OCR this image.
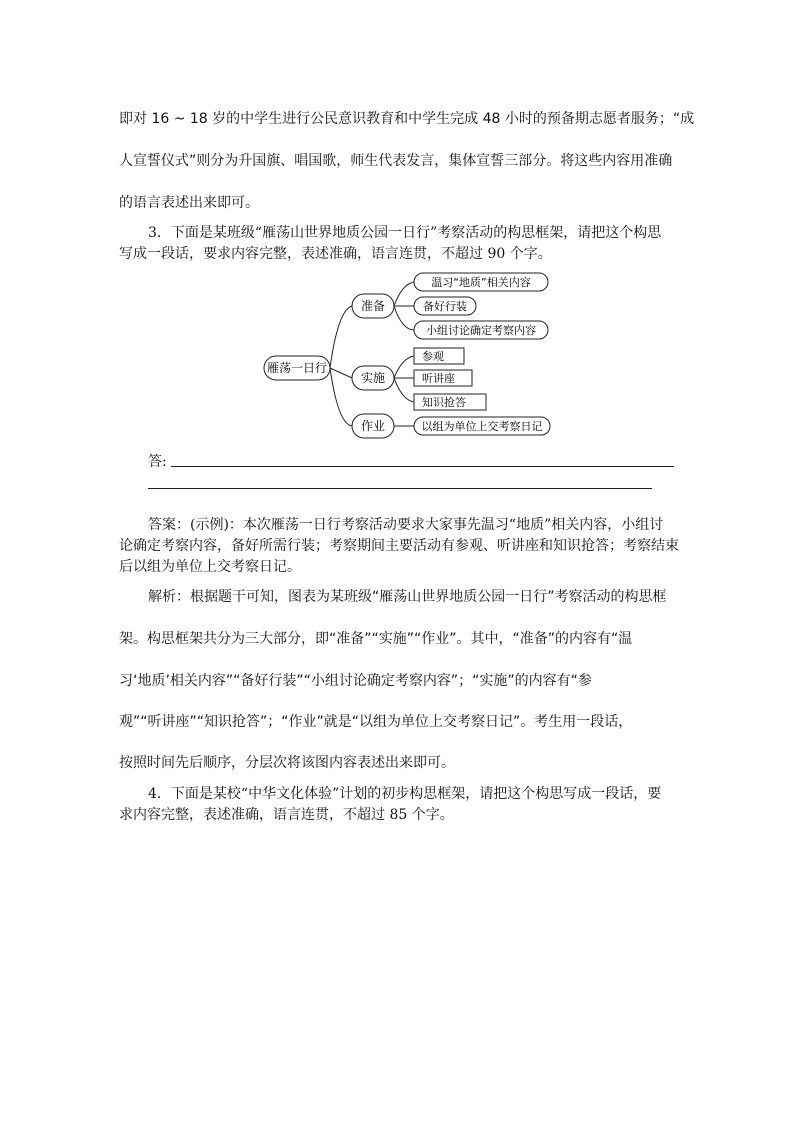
即对 16 ~ 18 岁的中学生进行公民意识教育和中学生完成 48 小时的预备期志愿者服务；“成
人宣誓仪式”则分为升国旗、唱国歌，师生代表发言，集体宣誓三部分。将这些内容用准确
的语言表述出来即可。
3．下面是某班级“雁荡山世界地质公园一日行”考察活动的构思框架，请把这个构思
写成一段话，要求内容完整，表述准确，语言连贯，不超过 90 个字。
雁荡一日行
准备
实施
作业
温习“地质”相关内容
备好行装
小组讨论确定考察内容
参观
听讲座
知识抢答
以组为单位上交考察日记
答:
答案：(示例)：本次雁荡一日行考察活动要求大家事先温习“地质”相关内容，小组讨
论确定考察内容，备好所需行装；考察期间主要活动有参观、听讲座和知识抢答；考察结束
后以组为单位上交考察日记。
解析：根据题干可知，图表为某班级“雁荡山世界地质公园一日行”考察活动的构思框
架。构思框架共分为三大部分，即“准备”“实施”“作业”。其中，“准备”的内容有“温
习‘地质’相关内容”“备好行装”“小组讨论确定考察内容”；“实施”的内容有“参
观”“听讲座”“知识抢答”；“作业”就是“以组为单位上交考察日记”。考生用一段话，
按照时间先后顺序，分层次将该图内容表述出来即可。
4．下面是某校“中华文化体验”计划的初步构思框架，请把这个构思写成一段话，要
求内容完整，表述准确，语言连贯，不超过 85 个字。
